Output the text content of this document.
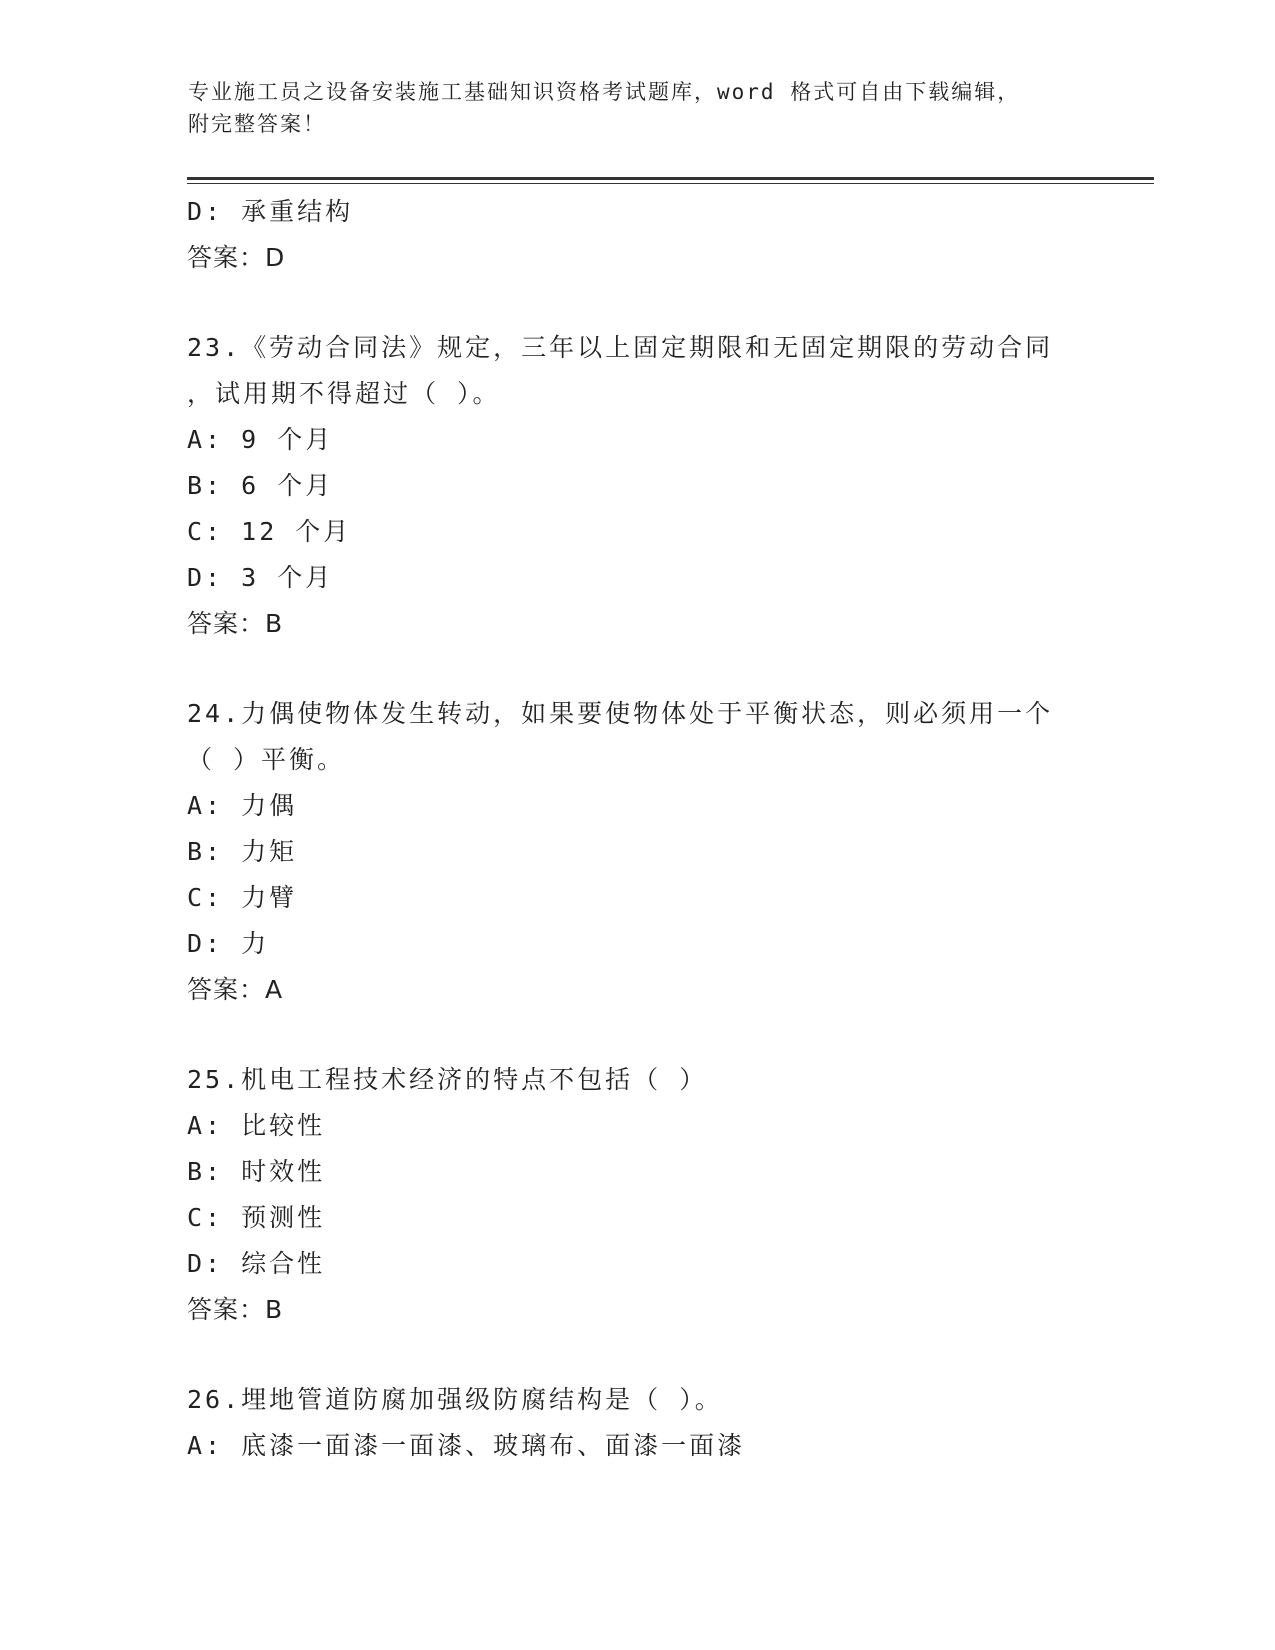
专业施工员之设备安装施工基础知识资格考试题库，word 格式可自由下载编辑，
附完整答案！
D: 承重结构
答案：D
23.《劳动合同法》规定，三年以上固定期限和无固定期限的劳动合同
，试用期不得超过（ ）。
A: 9 个月
B: 6 个月
C: 12 个月
D: 3 个月
答案：B
24.力偶使物体发生转动，如果要使物体处于平衡状态，则必须用一个
（ ）平衡。
A: 力偶
B: 力矩
C: 力臂
D: 力
答案：A
25.机电工程技术经济的特点不包括（ ）
A: 比较性
B: 时效性
C: 预测性
D: 综合性
答案：B
26.埋地管道防腐加强级防腐结构是（ ）。
A: 底漆一面漆一面漆、玻璃布、面漆一面漆
